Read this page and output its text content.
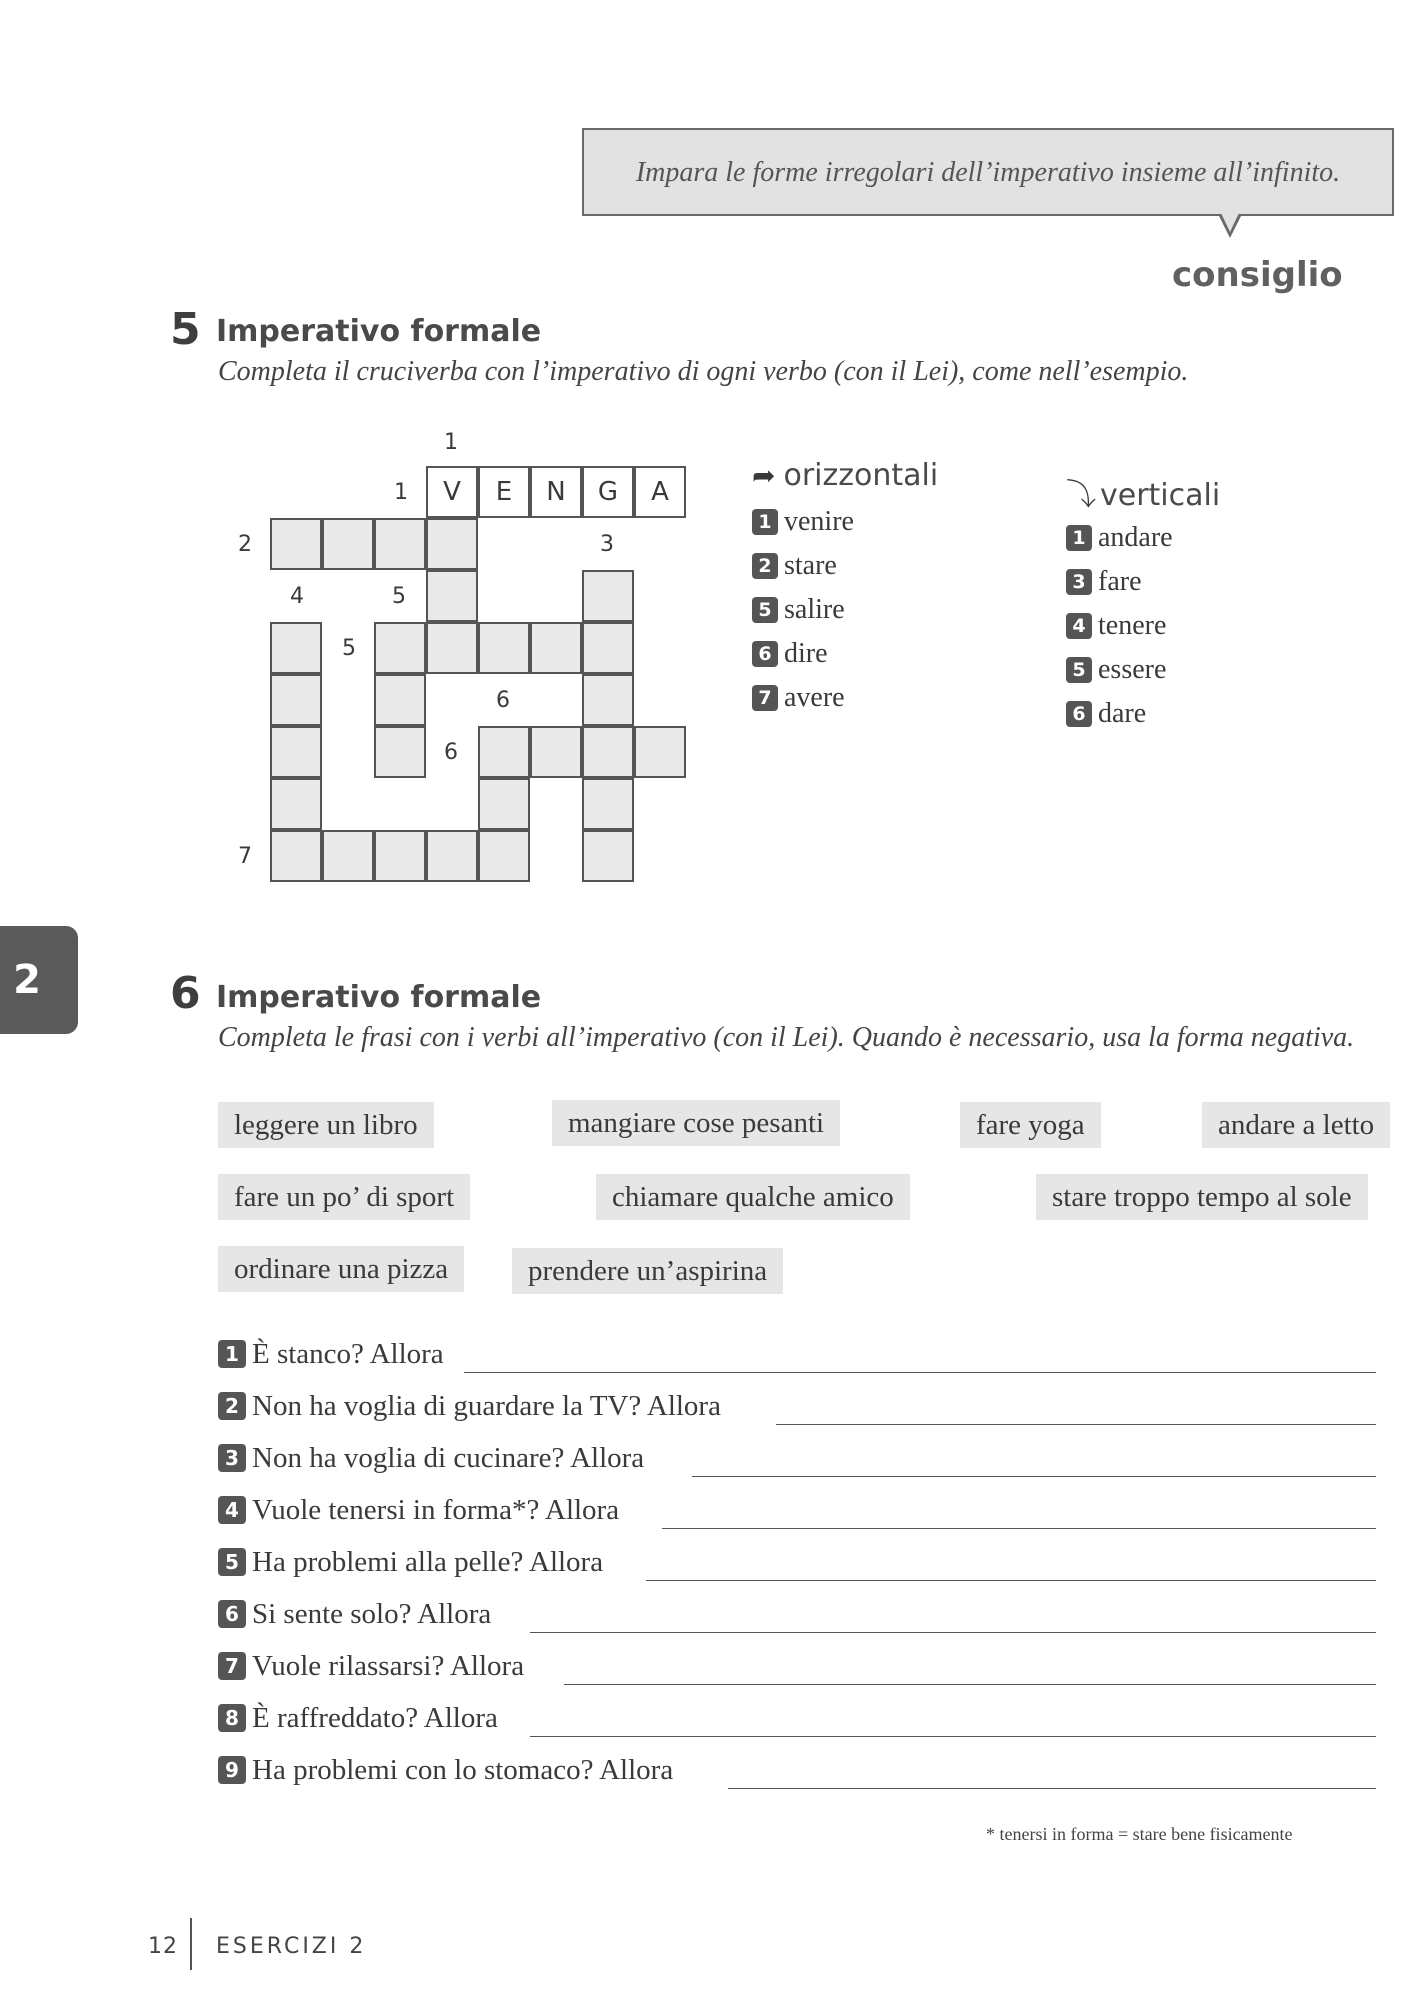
Impara le forme irregolari dell’imperativo insieme all’infinito.
consiglio
5 Imperativo formale
Completa il cruciverba con l’imperativo di ogni verbo (con il Lei), come nell’esempio.
V	E	N	G	A
1
1
2	3
4	5
5
6
6
7
➦ orizzontali
1 venire
2 stare
5 salire
6 dire
7 avere
⤵ verticali
1 andare
3 fare
4 tenere
5 essere
6 dare
2	6 Imperativo formale
Completa le frasi con i verbi all’imperativo (con il Lei). Quando è necessario, usa la forma negativa.
leggere un libro	mangiare cose pesanti	fare yoga	andare a letto
fare un po’ di sport	chiamare qualche amico	stare troppo tempo al sole
ordinare una pizza	prendere un’aspirina
1 È stanco? Allora
2 Non ha voglia di guardare la TV? Allora
3 Non ha voglia di cucinare? Allora
4 Vuole tenersi in forma*? Allora
5 Ha problemi alla pelle? Allora
6 Si sente solo? Allora
7 Vuole rilassarsi? Allora
8 È raffreddato? Allora
9 Ha problemi con lo stomaco? Allora
* tenersi in forma = stare bene fisicamente
12 ESERCIZI 2
